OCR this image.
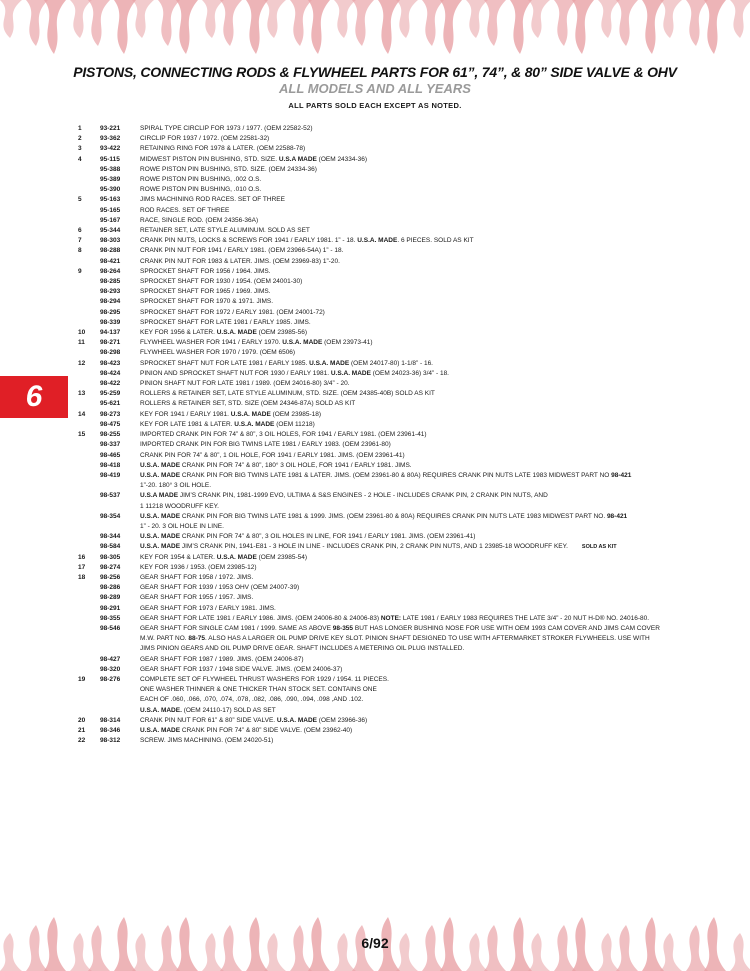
PISTONS, CONNECTING RODS & FLYWHEEL PARTS FOR 61”, 74”, & 80” SIDE VALVE & OHV
ALL MODELS AND ALL YEARS
ALL PARTS SOLD EACH EXCEPT AS NOTED.
6
1	93-221	SPIRAL TYPE CIRCLIP FOR 1973 / 1977. (OEM 22582-52)
2	93-362	CIRCLIP FOR 1937 / 1972. (OEM 22581-32)
3	93-422	RETAINING RING FOR 1978 & LATER. (OEM 22588-78)
4	95-115	MIDWEST PISTON PIN BUSHING, STD. SIZE. U.S.A MADE (OEM 24334-36)
95-388	ROWE PISTON PIN BUSHING, STD. SIZE. (OEM 24334-36)
95-389	ROWE PISTON PIN BUSHING, .002 O.S.
95-390	ROWE PISTON PIN BUSHING, .010 O.S.
5	95-163	JIMS MACHINING ROD RACES. SET OF THREE
95-165	ROD RACES. SET OF THREE
95-167	RACE, SINGLE ROD. (OEM 24356-36A)
6	95-344	RETAINER SET, LATE STYLE ALUMINUM. SOLD AS SET
7	98-303	CRANK PIN NUTS, LOCKS & SCREWS FOR 1941 / EARLY 1981. 1” - 18. U.S.A. MADE. 6 PIECES. SOLD AS KIT
8	98-288	CRANK PIN NUT FOR 1941 / EARLY 1981. (OEM 23966-54A) 1” - 18.
98-421	CRANK PIN NUT FOR 1983 & LATER. JIMS. (OEM 23969-83) 1”-20.
9	98-264	SPROCKET SHAFT FOR 1956 / 1964. JIMS.
98-285	SPROCKET SHAFT FOR 1930 / 1954. (OEM 24001-30)
98-293	SPROCKET SHAFT FOR 1965 / 1969. JIMS.
98-294	SPROCKET SHAFT FOR 1970 & 1971. JIMS.
98-295	SPROCKET SHAFT FOR 1972 / EARLY 1981. (OEM 24001-72)
98-339	SPROCKET SHAFT FOR LATE 1981 / EARLY 1985. JIMS.
10	94-137	KEY FOR 1956 & LATER. U.S.A. MADE (OEM 23985-56)
11	98-271	FLYWHEEL WASHER FOR 1941 / EARLY 1970. U.S.A. MADE (OEM 23973-41)
98-298	FLYWHEEL WASHER FOR 1970 / 1979. (OEM 6506)
12	98-423	SPROCKET SHAFT NUT FOR LATE 1981 / EARLY 1985. U.S.A. MADE (OEM 24017-80) 1-1/8” - 16.
98-424	PINION AND SPROCKET SHAFT NUT FOR 1930 / EARLY 1981. U.S.A. MADE (OEM 24023-36) 3/4” - 18.
98-422	PINION SHAFT NUT FOR LATE 1981 / 1989. (OEM 24016-80) 3/4” - 20.
13	95-259	ROLLERS & RETAINER SET, LATE STYLE ALUMINUM, STD. SIZE. (OEM 24385-40B) SOLD AS KIT
95-621	ROLLERS & RETAINER SET, STD. SIZE (OEM 24346-87A) SOLD AS KIT
14	98-273	KEY FOR 1941 / EARLY 1981. U.S.A. MADE (OEM 23985-18)
98-475	KEY FOR LATE 1981 & LATER. U.S.A. MADE (OEM 11218)
15	98-255	IMPORTED CRANK PIN FOR 74” & 80”, 3 OIL HOLES, FOR 1941 / EARLY 1981. (OEM 23961-41)
98-337	IMPORTED CRANK PIN FOR BIG TWINS LATE 1981 / EARLY 1983. (OEM 23961-80)
98-465	CRANK PIN FOR 74” & 80”, 1 OIL HOLE, FOR 1941 / EARLY 1981. JIMS. (OEM 23961-41)
98-418	U.S.A. MADE CRANK PIN FOR 74” & 80”, 180° 3 OIL HOLE, FOR 1941 / EARLY 1981. JIMS.
98-419	U.S.A. MADE CRANK PIN FOR BIG TWINS LATE 1981 & LATER. JIMS. (OEM 23961-80 & 80A) REQUIRES CRANK PIN NUTS LATE 1983 MIDWEST PART NO 98-421
1”-20. 180° 3 OIL HOLE.
98-537	U.S.A MADE JIM’S CRANK PIN, 1981-1999 EVO, ULTIMA & S&S ENGINES - 2 HOLE - INCLUDES CRANK PIN, 2 CRANK PIN NUTS, AND
1 11218 WOODRUFF KEY.
98-354	U.S.A. MADE CRANK PIN FOR BIG TWINS LATE 1981 & 1999. JIMS. (OEM 23961-80 & 80A) REQUIRES CRANK PIN NUTS LATE 1983 MIDWEST PART NO. 98-421
1” - 20. 3 OIL HOLE IN LINE.
98-344	U.S.A. MADE CRANK PIN FOR 74” & 80”, 3 OIL HOLES IN LINE, FOR 1941 / EARLY 1981. JIMS. (OEM 23961-41)
98-584	U.S.A. MADE JIM’S CRANK PIN, 1941-E81 - 3 HOLE IN LINE - INCLUDES CRANK PIN, 2 CRANK PIN NUTS, AND 1 23985-18 WOODRUFF KEY.	SOLD AS KIT
16	98-305	KEY FOR 1954 & LATER. U.S.A. MADE (OEM 23985-54)
17	98-274	KEY FOR 1936 / 1953. (OEM 23985-12)
18	98-256	GEAR SHAFT FOR 1958 / 1972. JIMS.
98-286	GEAR SHAFT FOR 1939 / 1953 OHV (OEM 24007-39)
98-289	GEAR SHAFT FOR 1955 / 1957. JIMS.
98-291	GEAR SHAFT FOR 1973 / EARLY 1981. JIMS.
98-355	GEAR SHAFT FOR LATE 1981 / EARLY 1986. JIMS. (OEM 24006-80 & 24006-83) NOTE: LATE 1981 / EARLY 1983 REQUIRES THE LATE 3/4” - 20 NUT H-D® NO. 24016-80.
98-546	GEAR SHAFT FOR SINGLE CAM 1981 / 1999. SAME AS ABOVE 98-355 BUT HAS LONGER BUSHING NOSE FOR USE WITH OEM 1993 CAM COVER AND JIMS CAM COVER
M.W. PART NO. 88-75. ALSO HAS A LARGER OIL PUMP DRIVE KEY SLOT. PINION SHAFT DESIGNED TO USE WITH AFTERMARKET STROKER FLYWHEELS. USE WITH
JIMS PINION GEARS AND OIL PUMP DRIVE GEAR. SHAFT INCLUDES A METERING OIL PLUG INSTALLED.
98-427	GEAR SHAFT FOR 1987 / 1989. JIMS. (OEM 24006-87)
98-320	GEAR SHAFT FOR 1937 / 1948 SIDE VALVE. JIMS. (OEM 24006-37)
19	98-276	COMPLETE SET OF FLYWHEEL THRUST WASHERS FOR 1929 / 1954. 11 PIECES.
ONE WASHER THINNER & ONE THICKER THAN STOCK SET. CONTAINS ONE
EACH OF .060, .066, .070, .074, .078, .082, .086, .090, .094, .098 ,AND .102.
U.S.A. MADE. (OEM 24110-17) SOLD AS SET
20	98-314	CRANK PIN NUT FOR 61” & 80” SIDE VALVE. U.S.A. MADE (OEM 23966-36)
21	98-346	U.S.A. MADE CRANK PIN FOR 74” & 80” SIDE VALVE. (OEM 23962-40)
22	98-312	SCREW. JIMS MACHINING. (OEM 24020-51)
6/92
